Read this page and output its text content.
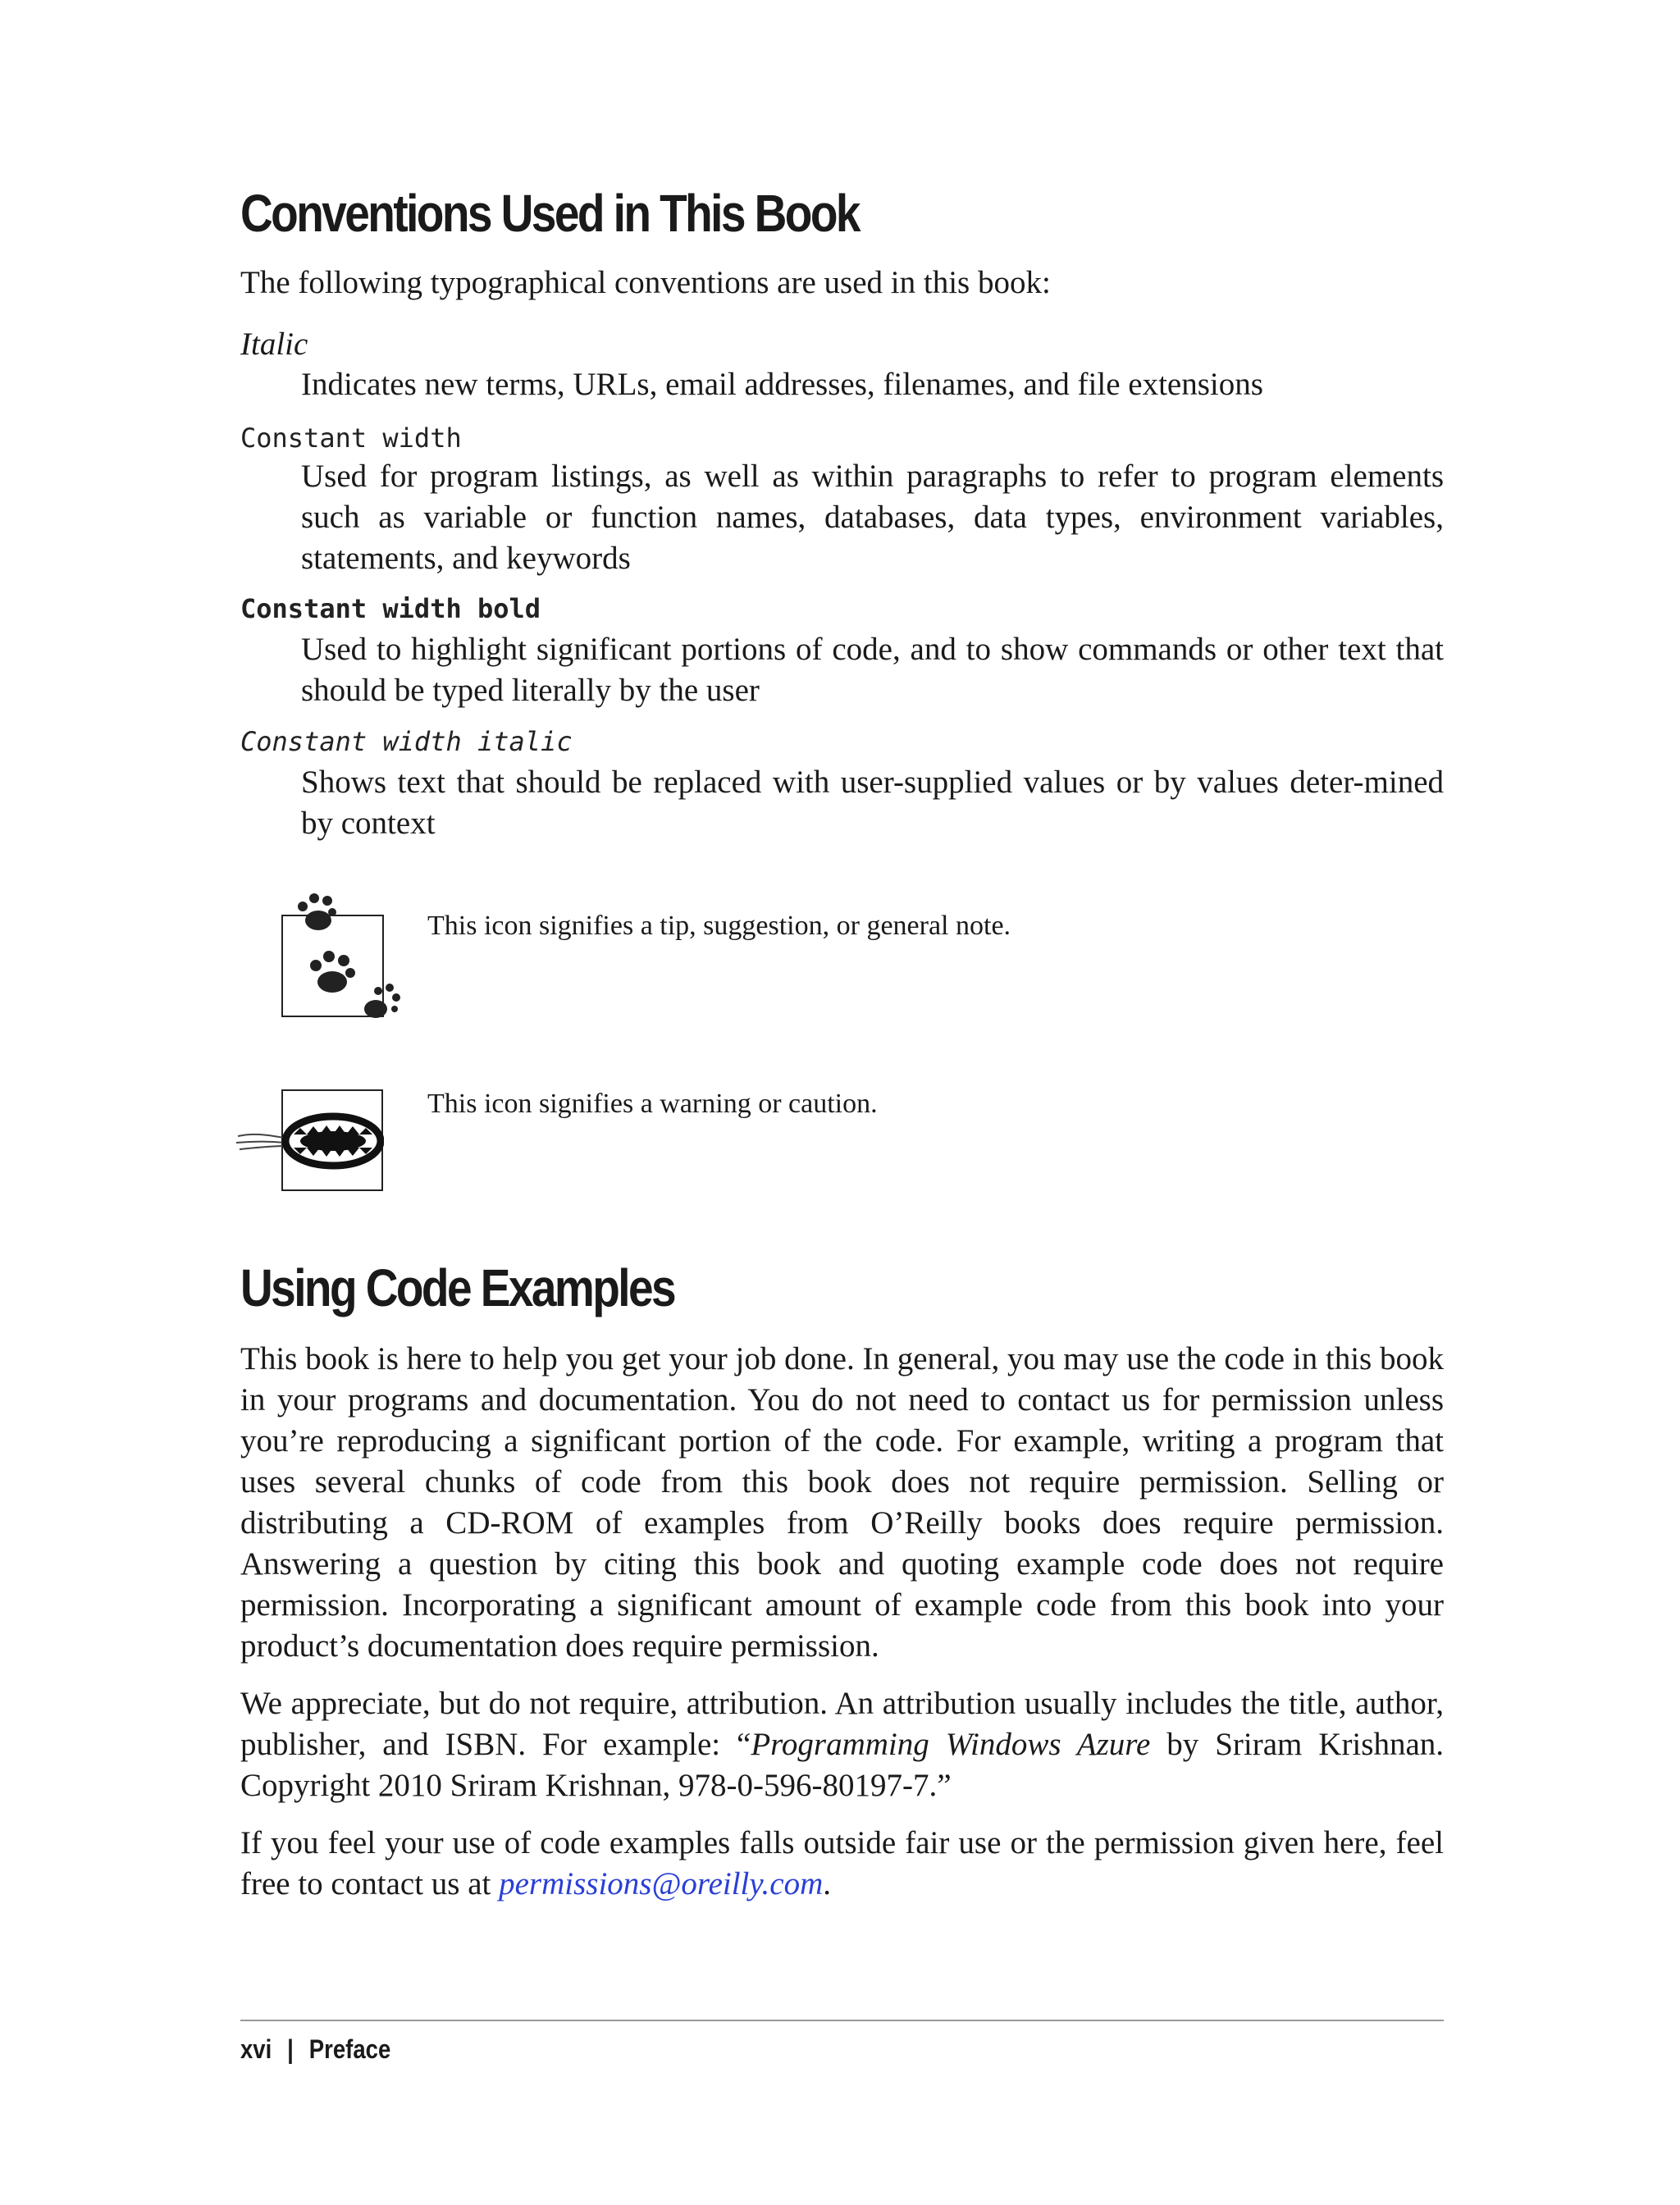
Conventions Used in This Book
The following typographical conventions are used in this book:
Italic
Indicates new terms, URLs, email addresses, filenames, and file extensions
Constant width
Used for program listings, as well as within paragraphs to refer to program elements such as variable or function names, databases, data types, environment variables, statements, and keywords
Constant width bold
Used to highlight significant portions of code, and to show commands or other text that should be typed literally by the user
Constant width italic
Shows text that should be replaced with user-supplied values or by values deter-mined by context
This icon signifies a tip, suggestion, or general note.
This icon signifies a warning or caution.
Using Code Examples
This book is here to help you get your job done. In general, you may use the code in this book in your programs and documentation. You do not need to contact us for permission unless you’re reproducing a significant portion of the code. For example, writing a program that uses several chunks of code from this book does not require permission. Selling or distributing a CD-ROM of examples from O’Reilly books does require permission. Answering a question by citing this book and quoting example code does not require permission. Incorporating a significant amount of example code from this book into your product’s documentation does require permission.
We appreciate, but do not require, attribution. An attribution usually includes the title, author, publisher, and ISBN. For example: “Programming Windows Azure by Sriram Krishnan. Copyright 2010 Sriram Krishnan, 978-0-596-80197-7.”
If you feel your use of code examples falls outside fair use or the permission given here, feel free to contact us at permissions@oreilly.com.
xvi | Preface
